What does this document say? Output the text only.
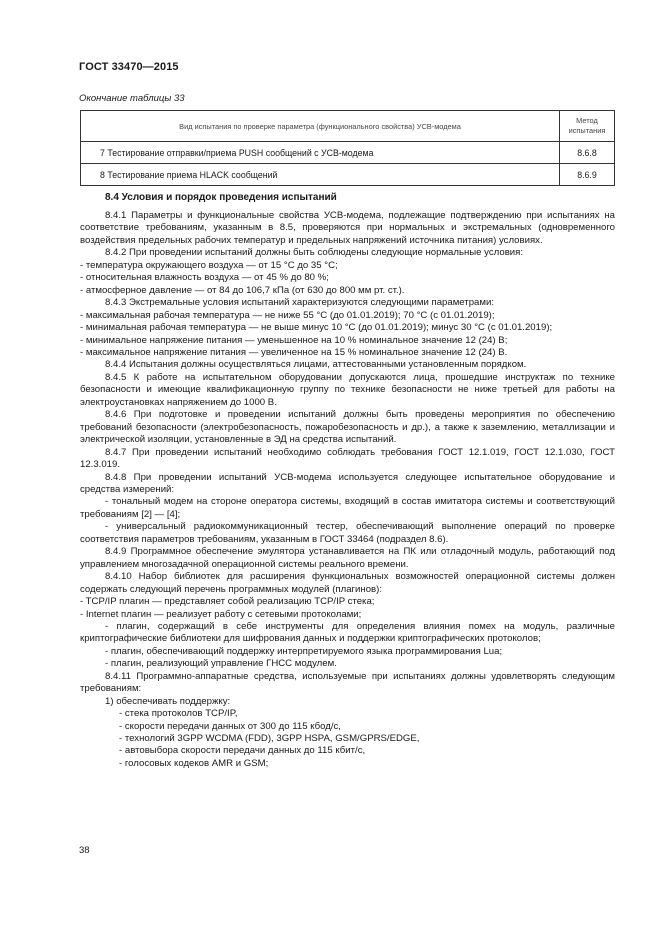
ГОСТ 33470—2015
Окончание таблицы 33
Вид испытания по проверке параметра (функционального свойства) УСВ-модема	Метод испытания
7 Тестирование отправки/приема PUSH сообщений с УСВ-модема	8.6.8
8 Тестирование приема HLACK сообщений	8.6.9
8.4 Условия и порядок проведения испытаний

8.4.1 Параметры и функциональные свойства УСВ-модема, подлежащие подтверждению при испытаниях на соответствие требованиям, указанным в 8.5, проверяются при нормальных и экстремальных (одновременного воздействия предельных рабочих температур и предельных напряжений источника питания) условиях.

8.4.2 При проведении испытаний должны быть соблюдены следующие нормальные условия:

- температура окружающего воздуха — от 15 °С до 35 °С;

- относительная влажность воздуха — от 45 % до 80 %;

- атмосферное давление — от 84 до 106,7 кПа (от 630 до 800 мм рт. ст.).

8.4.3 Экстремальные условия испытаний характеризуются следующими параметрами:

- максимальная рабочая температура — не ниже 55 °С (до 01.01.2019); 70 °С (с 01.01.2019);

- минимальная рабочая температура — не выше минус 10 °С (до 01.01.2019); минус 30 °С (с 01.01.2019);

- минимальное напряжение питания — уменьшенное на 10 % номинальное значение 12 (24) В;

- максимальное напряжение питания — увеличенное на 15 % номинальное значение 12 (24) В.

8.4.4 Испытания должны осуществляться лицами, аттестованными установленным порядком.

8.4.5 К работе на испытательном оборудовании допускаются лица, прошедшие инструктаж по технике безопасности и имеющие квалификационную группу по технике безопасности не ниже третьей для работы на электроустановках напряжением до 1000 В.

8.4.6 При подготовке и проведении испытаний должны быть проведены мероприятия по обеспечению требований безопасности (электробезопасность, пожаробезопасность и др.), а также к заземлению, металлизации и электрической изоляции, установленные в ЭД на средства испытаний.

8.4.7 При проведении испытаний необходимо соблюдать требования ГОСТ 12.1.019, ГОСТ 12.1.030, ГОСТ 12.3.019.

8.4.8 При проведении испытаний УСВ-модема используется следующее испытательное оборудование и средства измерений:

- тональный модем на стороне оператора системы, входящий в состав имитатора системы и соответствующий требованиям [2] — [4];

- универсальный радиокоммуникационный тестер, обеспечивающий выполнение операций по проверке соответствия параметров требованиям, указанным в ГОСТ 33464 (подраздел 8.6).

8.4.9 Программное обеспечение эмулятора устанавливается на ПК или отладочный модуль, работающий под управлением многозадачной операционной системы реального времени.

8.4.10 Набор библиотек для расширения функциональных возможностей операционной системы должен содержать следующий перечень программных модулей (плагинов):

- TCP/IP плагин — представляет собой реализацию TCP/IP стека;

- Internet плагин — реализует работу с сетевыми протоколами;

- плагин, содержащий в себе инструменты для определения влияния помех на модуль, различные криптографические библиотеки для шифрования данных и поддержки криптографических протоколов;

- плагин, обеспечивающий поддержку интерпретируемого языка программирования Lua;

- плагин, реализующий управление ГНСС модулем.

8.4.11 Программно-аппаратные средства, используемые при испытаниях должны удовлетворять следующим требованиям:

1) обеспечивать поддержку:

- стека протоколов TCP/IP,

- скорости передачи данных от 300 до 115 кбод/с,

- технологий 3GPP WCDMA (FDD), 3GPP HSPA, GSM/GPRS/EDGE,

- автовыбора скорости передачи данных до 115 кбит/с,

- голосовых кодеков AMR и GSM;

38
